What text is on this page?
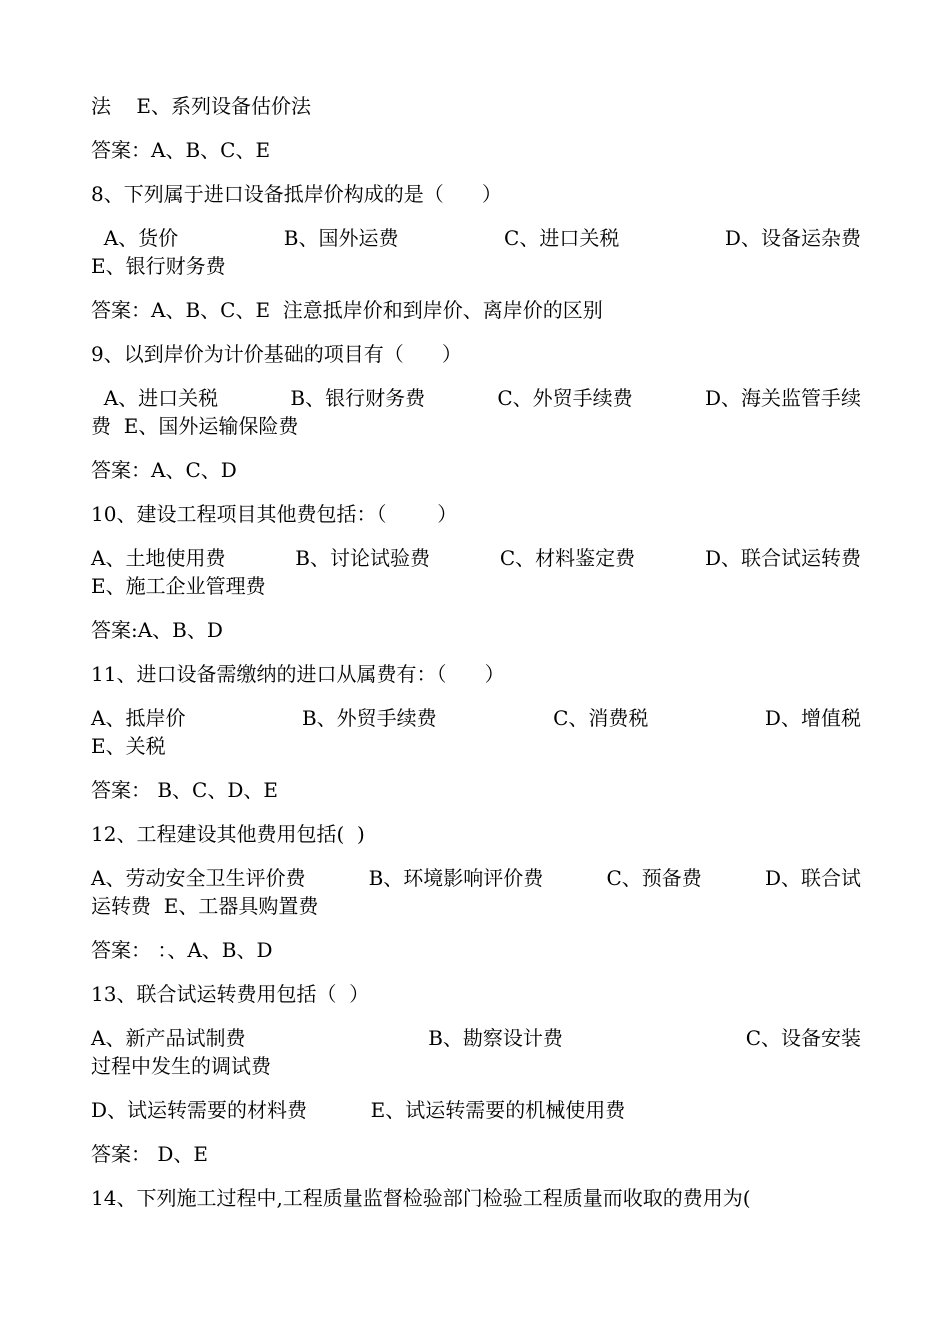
法    E、系列设备估价法

答案：A、B、C、E

8、下列属于进口设备抵岸价构成的是（      ）

A、货价	B、国外运费	C、进口关税	D、设备运杂费

E、银行财务费

答案：A、B、C、E  注意抵岸价和到岸价、离岸价的区别

9、以到岸价为计价基础的项目有（      ）

A、进口关税	B、银行财务费	C、外贸手续费	D、海关监管手续

费  E、国外运输保险费

答案：A、C、D

10、建设工程项目其他费包括：（        ）

A、土地使用费	B、讨论试验费	C、材料鉴定费	D、联合试运转费

E、施工企业管理费

答案:A、B、D

11、进口设备需缴纳的进口从属费有：（      ）

A、抵岸价	B、外贸手续费	C、消费税	D、增值税

E、关税

答案： B、C、D、E

12、工程建设其他费用包括(  )

A、劳动安全卫生评价费	B、环境影响评价费	C、预备费	D、联合试

运转费  E、工器具购置费

答案： ：、A、B、D

13、联合试运转费用包括（  ）

A、新产品试制费	B、勘察设计费	C、设备安装

过程中发生的调试费

D、试运转需要的材料费          E、试运转需要的机械使用费

答案： D、E

14、下列施工过程中,工程质量监督检验部门检验工程质量而收取的费用为(
